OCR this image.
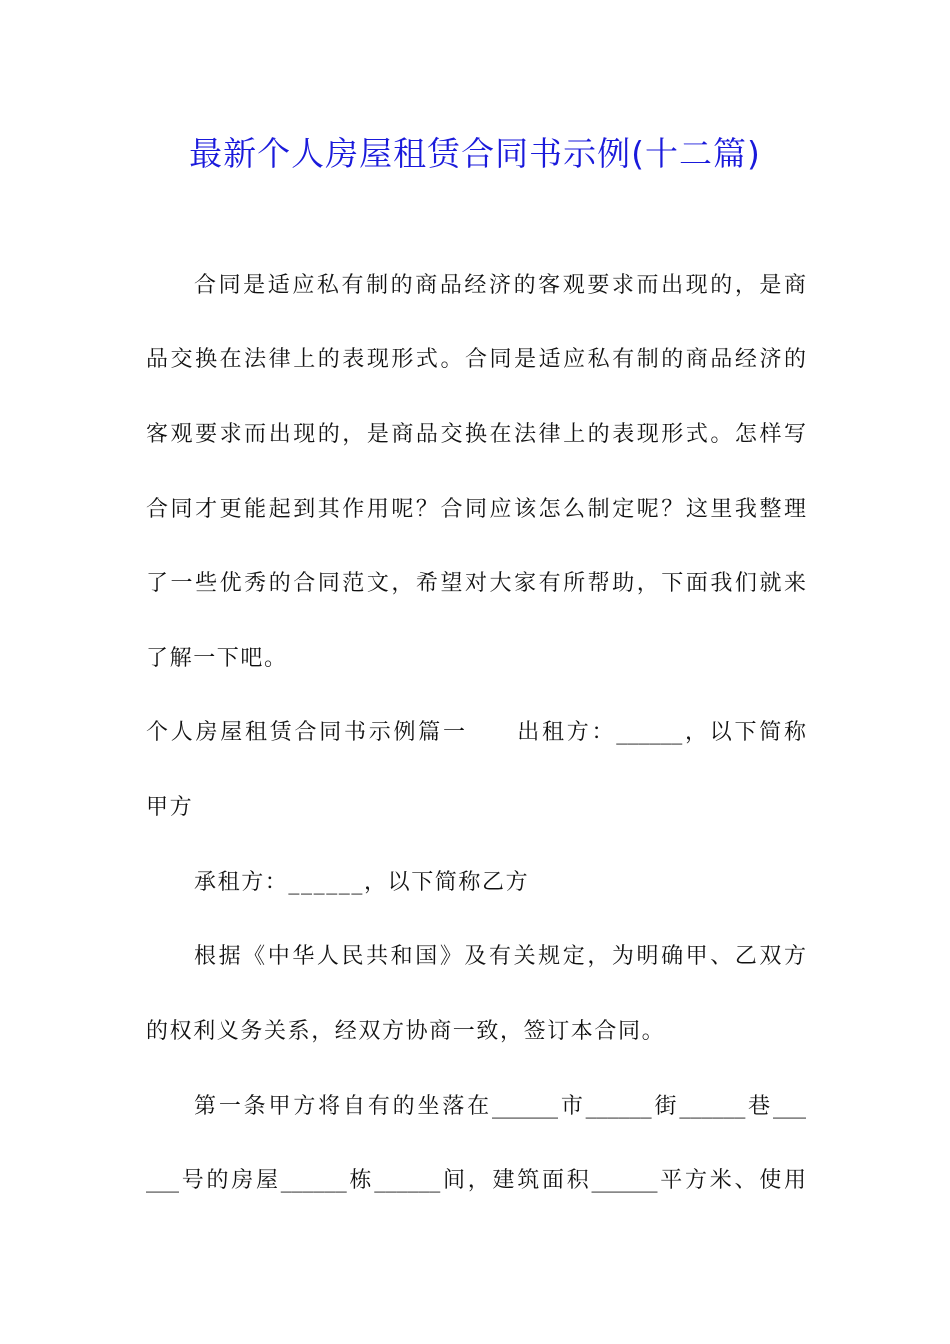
最新个人房屋租赁合同书示例(十二篇)
合同是适应私有制的商品经济的客观要求而出现的，是商
品交换在法律上的表现形式。合同是适应私有制的商品经济的
客观要求而出现的，是商品交换在法律上的表现形式。怎样写
合同才更能起到其作用呢？合同应该怎么制定呢？这里我整理
了一些优秀的合同范文，希望对大家有所帮助，下面我们就来
了解一下吧。
个人房屋租赁合同书示例篇一　　出租方：______，以下简称
甲方
承租方：______，以下简称乙方
根据《中华人民共和国》及有关规定，为明确甲、乙双方
的权利义务关系，经双方协商一致，签订本合同。
第一条甲方将自有的坐落在______市______街______巷___
___号的房屋______栋______间，建筑面积______平方米、使用
